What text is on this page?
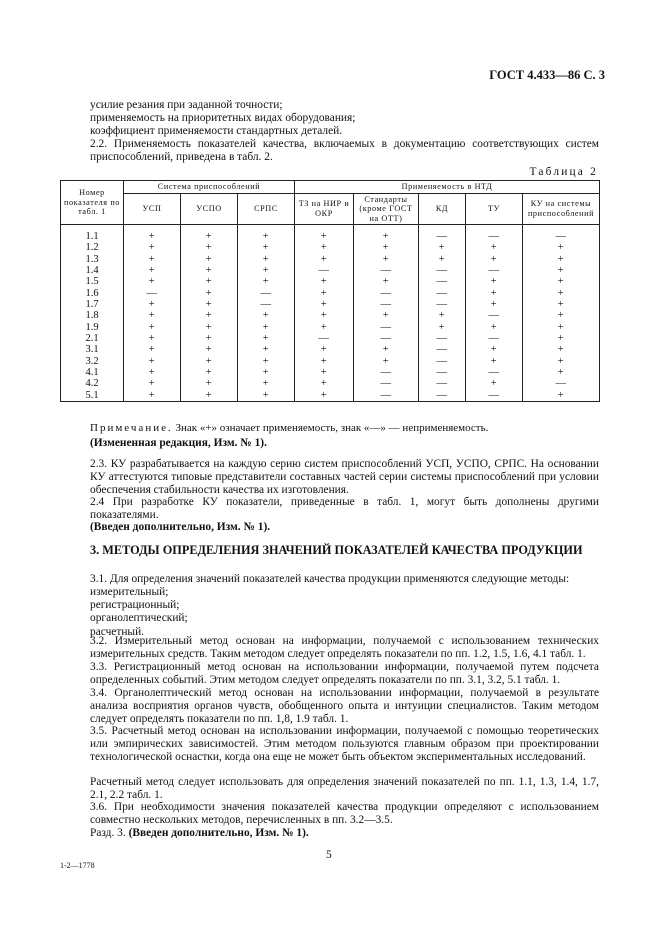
ГОСТ 4.433—86 С. 3
усилие резания при заданной точности;
применяемость на приоритетных видах оборудования;
коэффициент применяемости стандартных деталей.
2.2. Применяемость показателей качества, включаемых в документацию соответствующих систем приспособлений, приведена в табл. 2.
Таблица 2
Номер показателя по табл. 1	Система приспособлений			Применяемость в НТД				
	УСП	УСПО	СРПС	ТЗ на НИР и ОКР	Стандарты (кроме ГОСТ на ОТТ)	КД	ТУ	КУ на системы приспособлений
1.1	+	+	+	+	+	—	—	—
1.2	+	+	+	+	+	+	+	+
1.3	+	+	+	+	+	+	+	+
1.4	+	+	+	—	—	—	—	+
1.5	+	+	+	+	+	—	+	+
1.6	—	+	—	+	—	—	+	+
1.7	+	+	—	+	—	—	+	+
1.8	+	+	+	+	+	+	—	+
1.9	+	+	+	+	—	+	+	+
2.1	+	+	+	—	—	—	—	+
3.1	+	+	+	+	+	—	+	+
3.2	+	+	+	+	+	—	+	+
4.1	+	+	+	+	—	—	—	+
4.2	+	+	+	+	—	—	+	—
5.1	+	+	+	+	—	—	—	+
Примечание. Знак «+» означает применяемость, знак «—» — неприменяемость.
(Измененная редакция, Изм. № 1).
2.3. КУ разрабатывается на каждую серию систем приспособлений УСП, УСПО, СРПС. На основании КУ аттестуются типовые представители составных частей серии системы приспособлений при условии обеспечения стабильности качества их изготовления.
2.4 При разработке КУ показатели, приведенные в табл. 1, могут быть дополнены другими показателями.
(Введен дополнительно, Изм. № 1).
3. МЕТОДЫ ОПРЕДЕЛЕНИЯ ЗНАЧЕНИЙ ПОКАЗАТЕЛЕЙ КАЧЕСТВА ПРОДУКЦИИ
3.1. Для определения значений показателей качества продукции применяются следующие методы:
измерительный;
регистрационный;
органолептический;
расчетный.
3.2. Измерительный метод основан на информации, получаемой с использованием технических измерительных средств. Таким методом следует определять показатели по пп. 1.2, 1.5, 1.6, 4.1 табл. 1.
3.3. Регистрационный метод основан на использовании информации, получаемой путем подсчета определенных событий. Этим методом следует определять показатели по пп. 3.1, 3.2, 5.1 табл. 1.
3.4. Органолептический метод основан на использовании информации, получаемой в результате анализа восприятия органов чувств, обобщенного опыта и интуиции специалистов. Таким методом следует определять показатели по пп. 1,8, 1.9 табл. 1.
3.5. Расчетный метод основан на использовании информации, получаемой с помощью теоретических или эмпирических зависимостей. Этим методом пользуются главным образом при проектировании технологической оснастки, когда она еще не может быть объектом экспериментальных исследований.
Расчетный метод следует использовать для определения значений показателей по пп. 1.1, 1.3, 1.4, 1.7, 2.1, 2.2 табл. 1.
3.6. При необходимости значения показателей качества продукции определяют с использованием совместно нескольких методов, перечисленных в пп. 3.2—3.5.
Разд. 3. (Введен дополнительно, Изм. № 1).
5
1-2—1778
